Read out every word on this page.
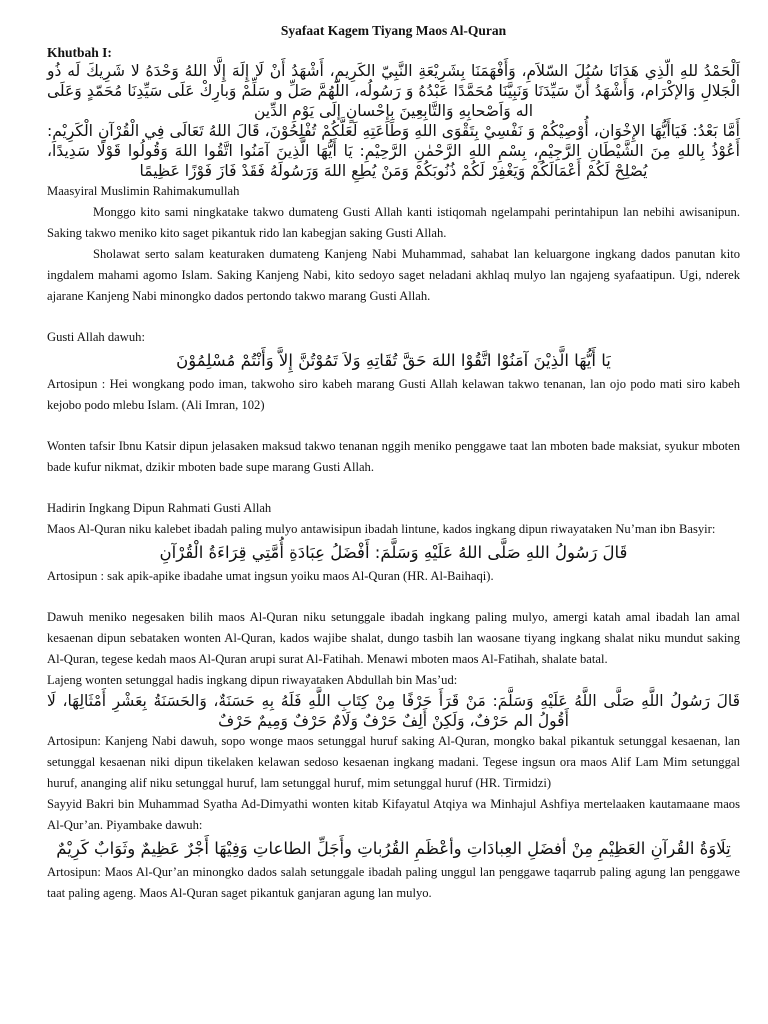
Syafaat Kagem Tiyang Maos Al-Quran

Khutbah I:

اَلْحَمْدُ للهِ الّذِي هَدَانَا سُبُلَ السّلاَمِ، وَأَفْهَمَنَا بِشَرِيْعَةِ النَّبِيّ الكَرِيمِ، أَشْهَدُ أَنْ لَا إِلَهَ إِلَّا اللهُ وَحْدَهُ لا شَرِيكَ لَه ذُو الْجَلالِ وَالإكْرَام، وَأَشْهَدُ أَنّ سَيِّدَنَا وَنَبِيَّنَا مُحَمَّدًا عَبْدُهُ وَ رَسُولُه، اللّهُمَّ صَلِّ و سَلِّمْ وَبارِكْ عَلَى سَيِّدِنَا مُحَمّدٍ وَعَلَى اله وَاَصْحابِهِ وَالتَّابِعِينَ بِإِحْسانٍ إلَى يَوْمِ الدِّين

أَمَّا بَعْدُ: فَيَاأَيُّهَا الإِخْوَان، أُوْصِيْكُمْ وَ نَفْسِيْ بِتَقْوَى اللهِ وَطَاعَتِهِ لَعَلَّكُمْ تُفْلِحُوْنَ، قَالَ اللهُ تَعَالَى فِي الْقُرْآنِ الْكَرِيْمِ: أَعُوْذُ بِاللهِ مِنَ الشَّيْطَانِ الرَّجِيْمِ، بِسْمِ اللهِ الرَّحْمٰنِ الرَّحِيْمِ: يَا أَيُّهَا الَّذِينَ آمَنُوا اتَّقُوا اللهَ وَقُولُوا قَوْلًا سَدِيدًا، يُصْلِحْ لَكُمْ أَعْمَالَكُمْ وَيَغْفِرْ لَكُمْ ذُنُوبَكُمْ وَمَنْ يُطِعِ اللهَ وَرَسُولَهُ فَقَدْ فَازَ فَوْزًا عَظِيمًا

Maasyiral Muslimin Rahimakumullah

Monggo kito sami ningkatake takwo dumateng Gusti Allah kanti istiqomah ngelampahi perintahipun lan nebihi awisanipun. Saking takwo meniko kito saget pikantuk rido lan kabegjan saking Gusti Allah.

Sholawat serto salam keaturaken dumateng Kanjeng Nabi Muhammad, sahabat lan keluargone ingkang dados panutan kito ingdalem mahami agomo Islam. Saking Kanjeng Nabi, kito sedoyo saget neladani akhlaq mulyo lan ngajeng syafaatipun. Ugi, nderek ajarane Kanjeng Nabi minongko dados pertondo takwo marang Gusti Allah.

Gusti Allah dawuh:

يَا أَيُّهَا الَّذِيْنَ آمَنُوْا اتَّقُوْا اللهَ حَقَّ تُقَاتِهِ وَلاَ تَمُوْتُنَّ إِلاَّ وَأَنْتُمْ مُسْلِمُوْنَ

Artosipun : Hei wongkang podo iman, takwoho siro kabeh marang Gusti Allah kelawan takwo tenanan, lan ojo podo mati siro kabeh kejobo podo mlebu Islam. (Ali Imran, 102)

Wonten tafsir Ibnu Katsir dipun jelasaken maksud takwo tenanan nggih meniko penggawe taat lan mboten bade maksiat, syukur mboten bade kufur nikmat, dzikir mboten bade supe marang Gusti Allah.

Hadirin Ingkang Dipun Rahmati Gusti Allah

Maos Al-Quran niku kalebet ibadah paling mulyo antawisipun ibadah lintune, kados ingkang dipun riwayataken Nu’man ibn Basyir:

قَالَ رَسُولُ اللهِ صَلَّى اللهُ عَلَيْهِ وَسَلَّمَ: أَفْضَلُ عِبَادَةِ أُمَّتِي قِرَاءَةُ الْقُرْآنِ

Artosipun : sak apik-apike ibadahe umat ingsun yoiku maos Al-Quran (HR. Al-Baihaqi).

Dawuh meniko negesaken bilih maos Al-Quran niku setunggale ibadah ingkang paling mulyo, amergi katah amal ibadah lan amal kesaenan dipun sebataken wonten Al-Quran, kados wajibe shalat, dungo tasbih lan waosane tiyang ingkang shalat niku mundut saking Al-Quran, tegese kedah maos Al-Quran arupi surat Al-Fatihah. Menawi mboten maos Al-Fatihah, shalate batal.

Lajeng wonten setunggal hadis ingkang dipun riwayataken Abdullah bin Mas’ud:

قَالَ رَسُولُ اللَّهِ صَلَّى اللَّهُ عَلَيْهِ وَسَلَّمَ: مَنْ قَرَأَ حَرْفًا مِنْ كِتَابِ اللَّهِ فَلَهُ بِهِ حَسَنَةٌ، وَالحَسَنَةُ بِعَشْرِ أَمْثَالِهَا، لَا أَقُولُ الم حَرْفٌ، وَلَكِنْ أَلِفٌ حَرْفٌ وَلَامٌ حَرْفٌ وَمِيمٌ حَرْفٌ

Artosipun: Kanjeng Nabi dawuh, sopo wonge maos setunggal huruf saking Al-Quran, mongko bakal pikantuk setunggal kesaenan, lan setunggal kesaenan niki dipun tikelaken kelawan sedoso kesaenan ingkang madani. Tegese ingsun ora maos Alif Lam Mim setunggal huruf, ananging alif niku setunggal huruf, lam setunggal huruf, mim setunggal huruf (HR. Tirmidzi)

Sayyid Bakri bin Muhammad Syatha Ad-Dimyathi wonten kitab Kifayatul Atqiya wa Minhajul Ashfiya mertelaaken kautamaane maos Al-Qur’an. Piyambake dawuh:

تِلَاوَةُ القُرآنِ العَظِيْمِ مِنْ أفضَلِ العِبادَاتِ وأعْظَمِ القُرُباتِ وأَجَلِّ الطاعاتِ وَفِيْهَا أَجْرٌ عَظِيمٌ وثَوَابٌ كَرِيْمٌ

Artosipun: Maos Al-Qur’an minongko dados salah setunggale ibadah paling unggul lan penggawe taqarrub paling agung lan penggawe taat paling ageng. Maos Al-Quran saget pikantuk ganjaran agung lan mulyo.
